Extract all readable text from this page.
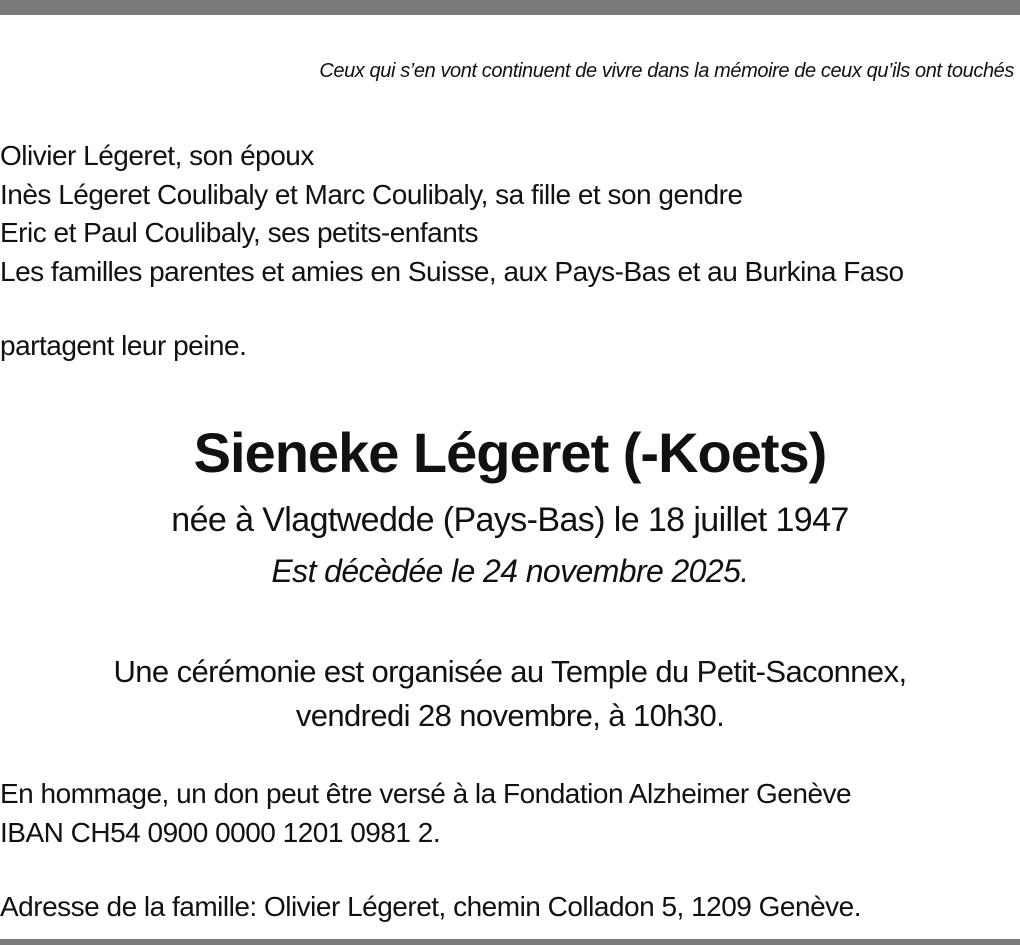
Ceux qui s’en vont continuent de vivre dans la mémoire de ceux qu’ils ont touchés
Olivier Légeret, son époux
Inès Légeret Coulibaly et Marc Coulibaly, sa fille et son gendre
Eric et Paul Coulibaly, ses petits-enfants
Les familles parentes et amies en Suisse, aux Pays-Bas et au Burkina Faso
partagent leur peine.
Sieneke Légeret (-Koets)
née à Vlagtwedde (Pays-Bas) le 18 juillet 1947
Est décèdée le 24 novembre 2025.
Une cérémonie est organisée au Temple du Petit-Saconnex,
vendredi 28 novembre, à 10h30.
En hommage, un don peut être versé à la Fondation Alzheimer Genève
IBAN CH54 0900 0000 1201 0981 2.
Adresse de la famille: Olivier Légeret, chemin Colladon 5, 1209 Genève.
